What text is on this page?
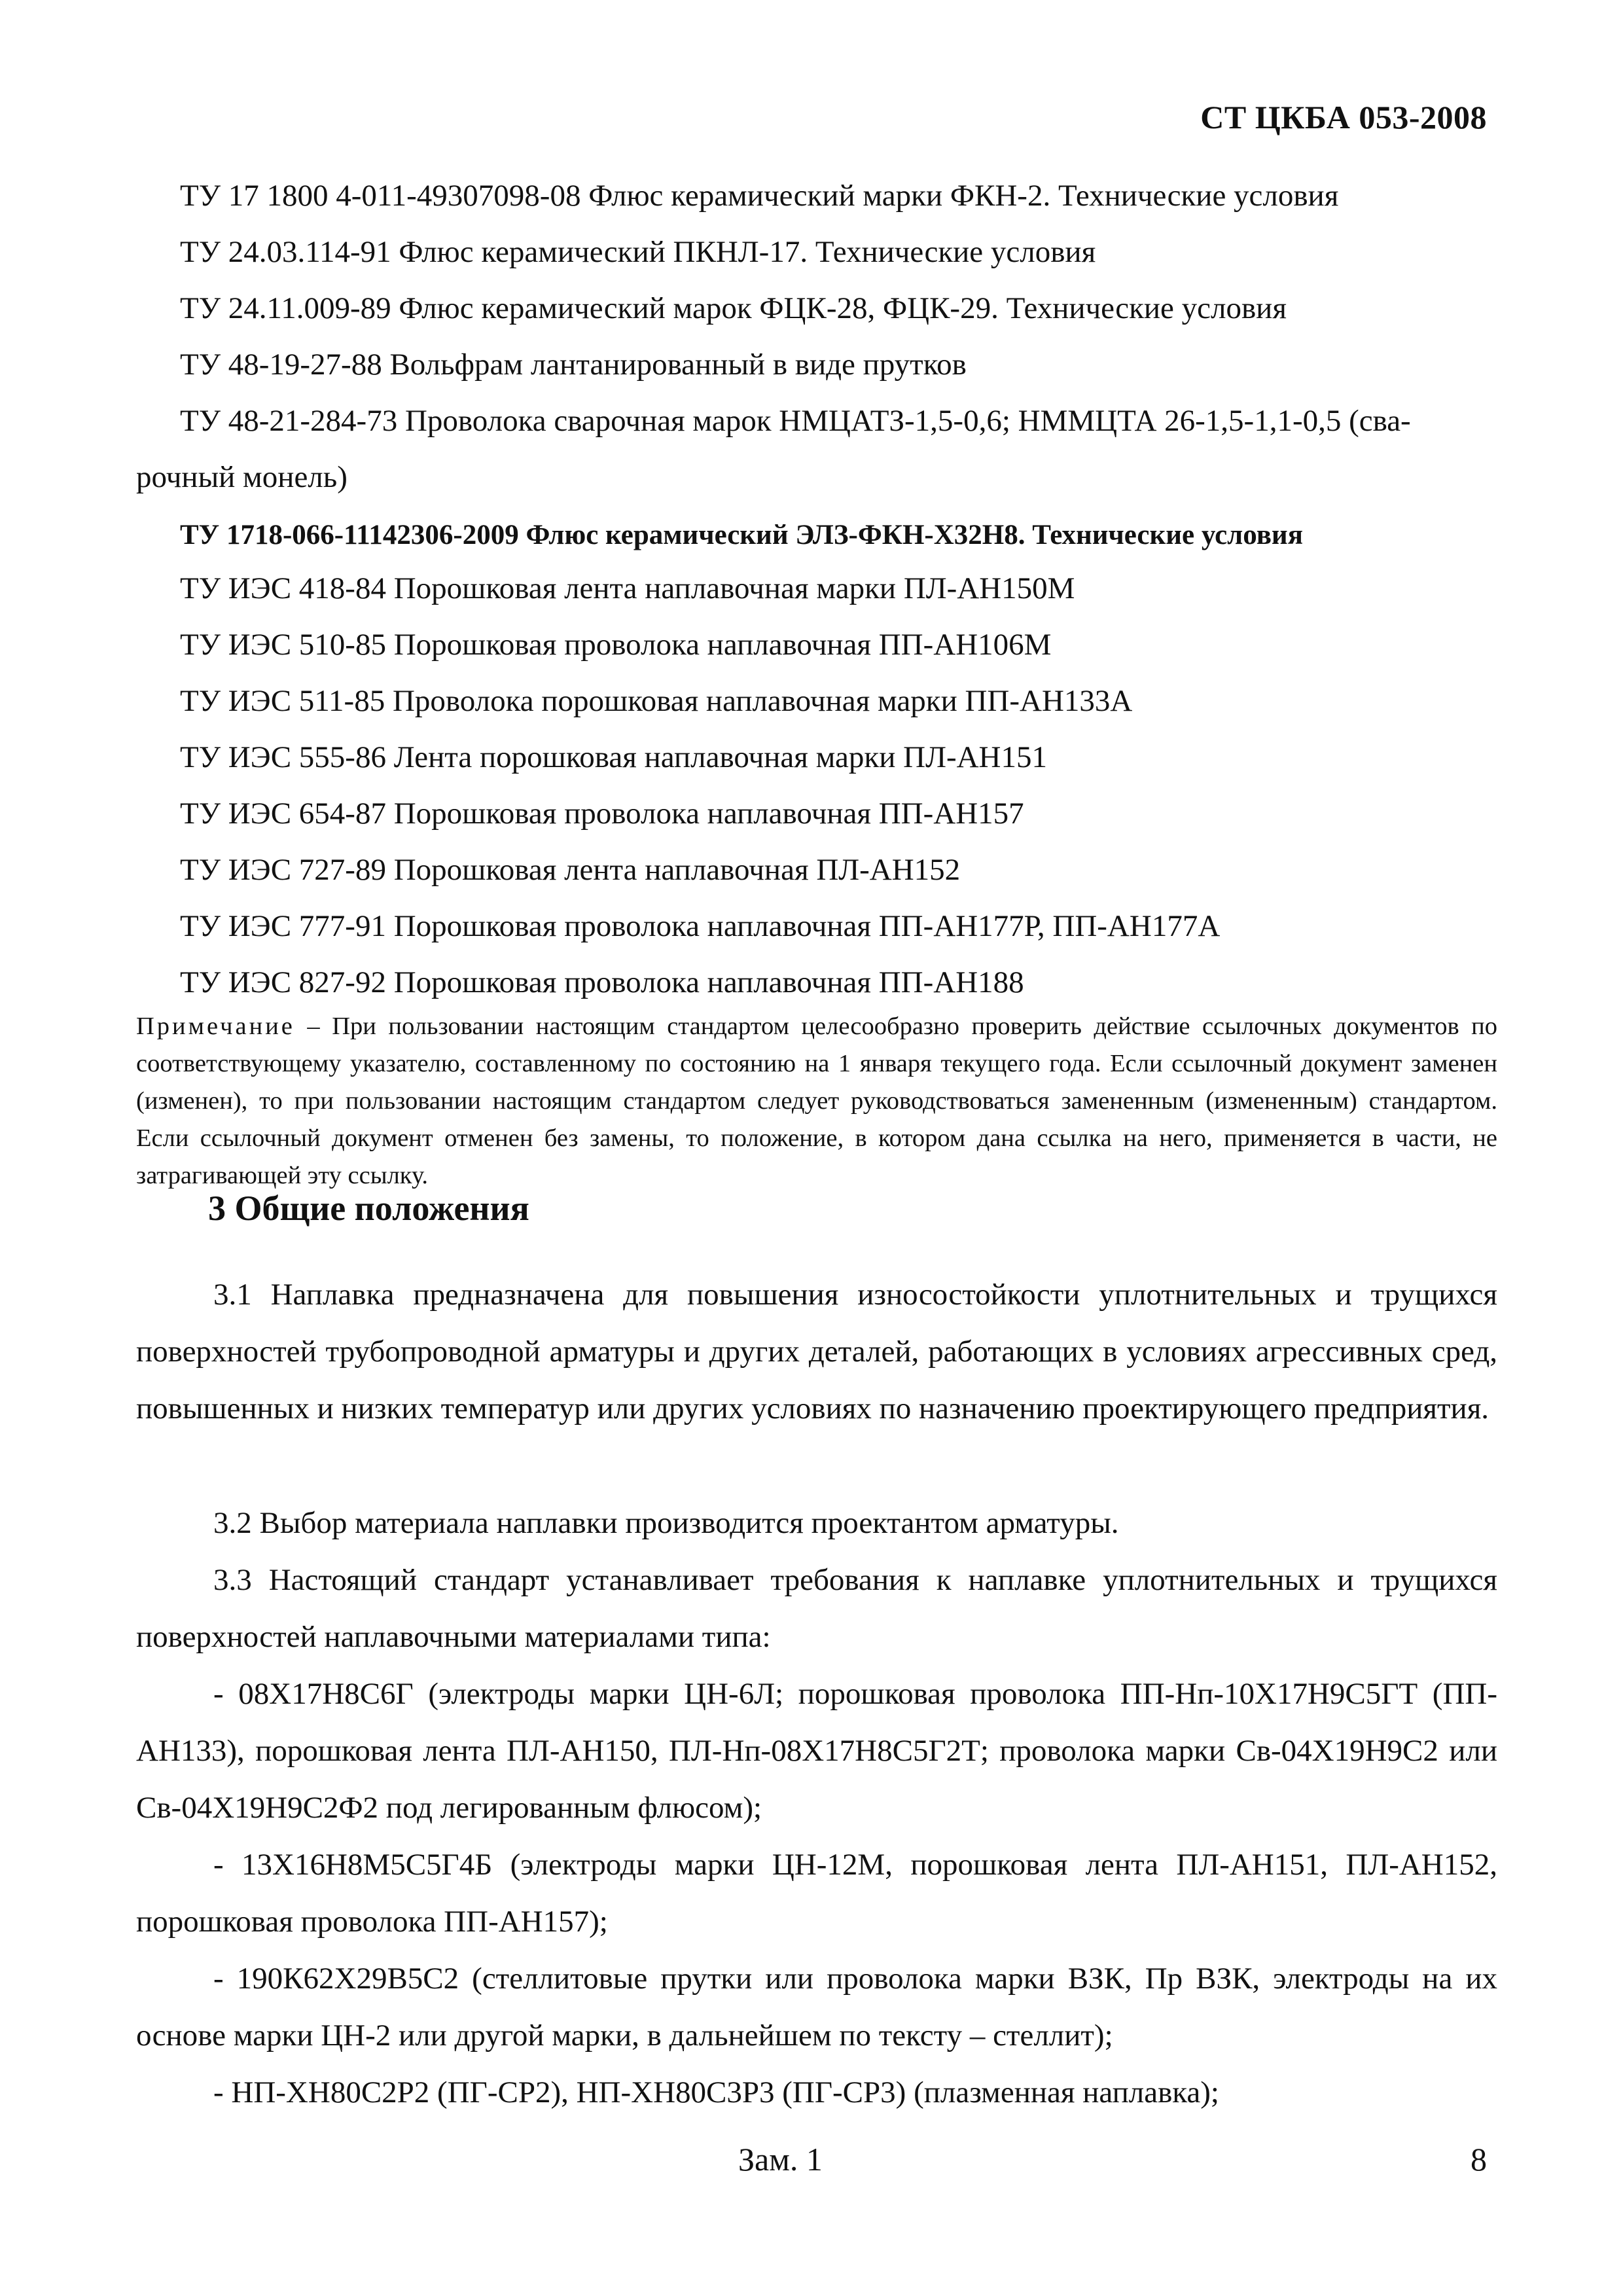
СТ ЦКБА 053-2008
ТУ 17 1800 4-011-49307098-08 Флюс керамический марки ФКН-2. Технические условия
ТУ 24.03.114-91 Флюс керамический ПКНЛ-17. Технические условия
ТУ 24.11.009-89 Флюс керамический марок ФЦК-28, ФЦК-29. Технические условия
ТУ 48-19-27-88 Вольфрам лантанированный в виде прутков
ТУ 48-21-284-73 Проволока сварочная марок НМЦАТЗ-1,5-0,6; НММЦТА 26-1,5-1,1-0,5 (сва-
рочный монель)
ТУ 1718-066-11142306-2009 Флюс керамический ЭЛЗ-ФКН-Х32Н8. Технические условия
ТУ ИЭС 418-84 Порошковая лента наплавочная марки ПЛ-АН150М
ТУ ИЭС 510-85 Порошковая проволока наплавочная ПП-АН106М
ТУ ИЭС 511-85 Проволока порошковая наплавочная марки ПП-АН133А
ТУ ИЭС 555-86 Лента порошковая наплавочная марки ПЛ-АН151
ТУ ИЭС 654-87 Порошковая проволока наплавочная ПП-АН157
ТУ ИЭС 727-89 Порошковая лента наплавочная ПЛ-АН152
ТУ ИЭС 777-91 Порошковая проволока наплавочная ПП-АН177Р, ПП-АН177А
ТУ ИЭС 827-92 Порошковая проволока наплавочная ПП-АН188
Примечание – При пользовании настоящим стандартом целесообразно проверить действие ссылочных документов по соответствующему указателю, составленному по состоянию на 1 января текущего года. Если ссылочный документ заменен (изменен), то при пользовании настоящим стандартом следует руководствоваться замененным (измененным) стандартом. Если ссылочный документ отменен без замены, то положение, в котором дана ссылка на него, применяется в части, не затрагивающей эту ссылку.
3 Общие положения
3.1 Наплавка предназначена для повышения износостойкости уплотнительных и трущихся поверхностей трубопроводной арматуры и других деталей, работающих в условиях агрессивных сред, повышенных и низких температур или других условиях по назначению проектирующего предприятия.
3.2 Выбор материала наплавки производится проектантом арматуры.
3.3 Настоящий стандарт устанавливает требования к наплавке уплотнительных и трущихся поверхностей наплавочными материалами типа:
- 08Х17Н8С6Г (электроды марки ЦН-6Л; порошковая проволока ПП-Нп-10Х17Н9С5ГТ (ПП-АН133), порошковая лента ПЛ-АН150, ПЛ-Нп-08Х17Н8С5Г2Т; проволока марки Св-04Х19Н9С2 или Св-04Х19Н9С2Ф2 под легированным флюсом);
- 13Х16Н8М5С5Г4Б (электроды марки ЦН-12М, порошковая лента ПЛ-АН151, ПЛ-АН152, порошковая проволока ПП-АН157);
- 190К62Х29В5С2 (стеллитовые прутки или проволока марки ВЗК, Пр ВЗК, электроды на их основе марки ЦН-2 или другой марки, в дальнейшем по тексту – стеллит);
- НП-ХН80С2Р2 (ПГ-СР2), НП-ХН80С3Р3 (ПГ-СР3) (плазменная наплавка);
Зам. 1	8
